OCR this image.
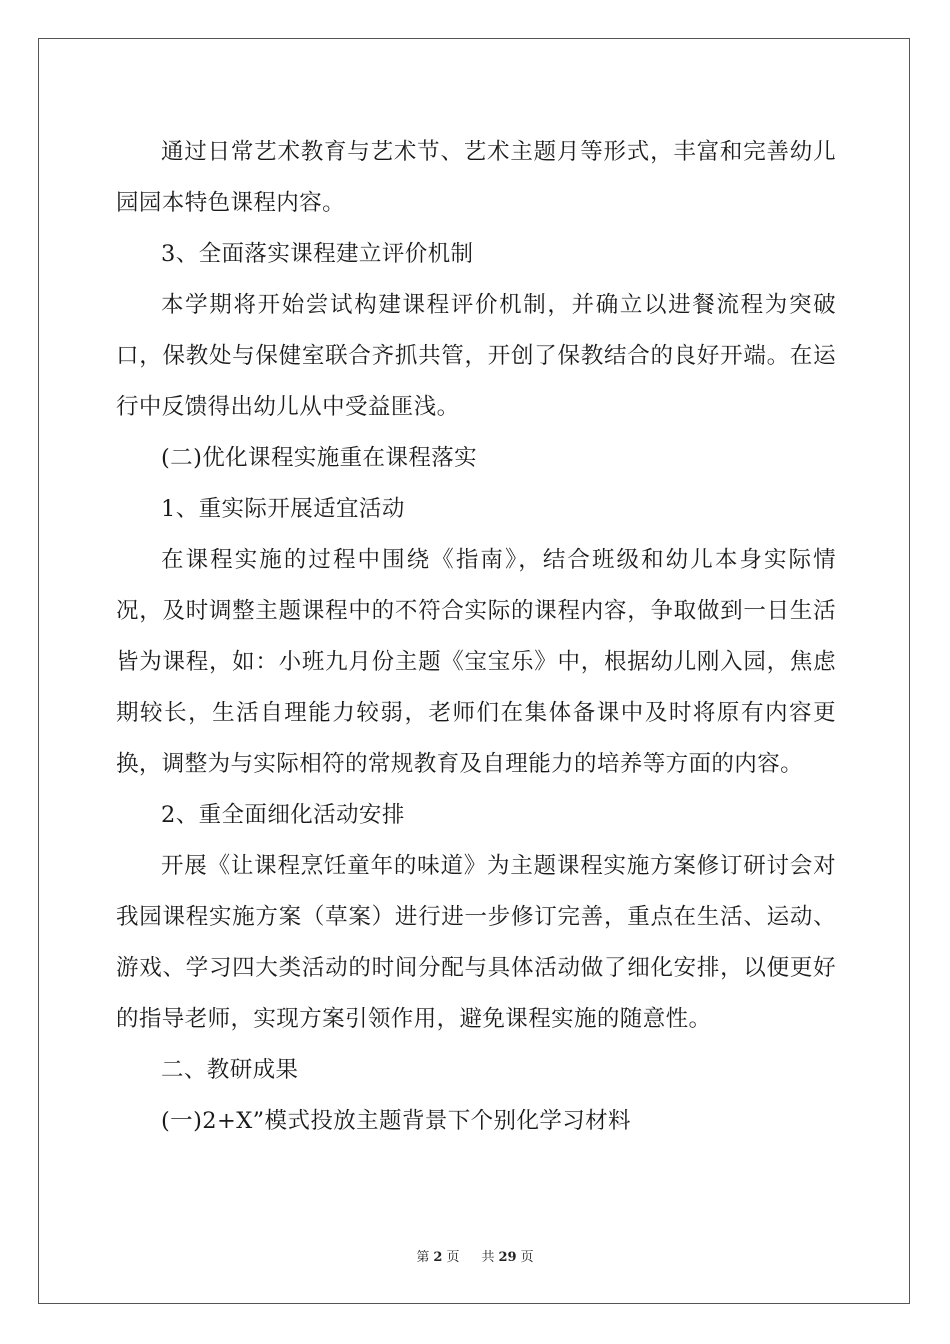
通过日常艺术教育与艺术节、艺术主题月等形式，丰富和完善幼儿园园本特色课程内容。

3、全面落实课程建立评价机制

本学期将开始尝试构建课程评价机制，并确立以进餐流程为突破口，保教处与保健室联合齐抓共管，开创了保教结合的良好开端。在运行中反馈得出幼儿从中受益匪浅。

(二)优化课程实施重在课程落实

1、重实际开展适宜活动

在课程实施的过程中围绕《指南》，结合班级和幼儿本身实际情况，及时调整主题课程中的不符合实际的课程内容，争取做到一日生活皆为课程，如：小班九月份主题《宝宝乐》中，根据幼儿刚入园，焦虑期较长，生活自理能力较弱，老师们在集体备课中及时将原有内容更换，调整为与实际相符的常规教育及自理能力的培养等方面的内容。

2、重全面细化活动安排

开展《让课程烹饪童年的味道》为主题课程实施方案修订研讨会对我园课程实施方案（草案）进行进一步修订完善，重点在生活、运动、游戏、学习四大类活动的时间分配与具体活动做了细化安排，以便更好的指导老师，实现方案引领作用，避免课程实施的随意性。

二、教研成果

(一)2+X”模式投放主题背景下个别化学习材料

第 2 页 共 29 页
